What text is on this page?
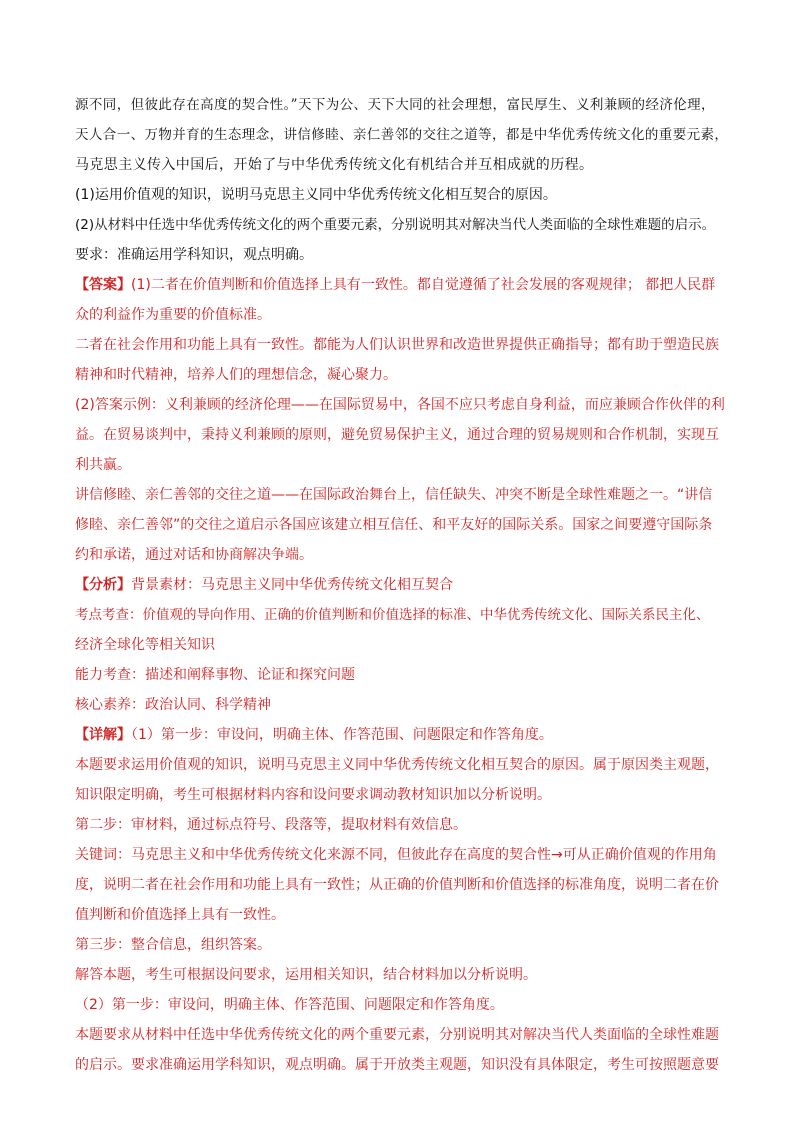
源不同，但彼此存在高度的契合性。”天下为公、天下大同的社会理想，富民厚生、义利兼顾的经济伦理，

天人合一、万物并育的生态理念，讲信修睦、亲仁善邻的交往之道等，都是中华优秀传统文化的重要元素，

马克思主义传入中国后，开始了与中华优秀传统文化有机结合并互相成就的历程。

(1)运用价值观的知识，说明马克思主义同中华优秀传统文化相互契合的原因。

(2)从材料中任选中华优秀传统文化的两个重要元素，分别说明其对解决当代人类面临的全球性难题的启示。

要求：准确运用学科知识，观点明确。

【答案】(1)二者在价值判断和价值选择上具有一致性。都自觉遵循了社会发展的客观规律； 都把人民群

众的利益作为重要的价值标准。

二者在社会作用和功能上具有一致性。都能为人们认识世界和改造世界提供正确指导；都有助于塑造民族

精神和时代精神，培养人们的理想信念，凝心聚力。

(2)答案示例：义利兼顾的经济伦理——在国际贸易中，各国不应只考虑自身利益，而应兼顾合作伙伴的利

益。在贸易谈判中，秉持义利兼顾的原则，避免贸易保护主义，通过合理的贸易规则和合作机制，实现互

利共赢。

讲信修睦、亲仁善邻的交往之道——在国际政治舞台上，信任缺失、冲突不断是全球性难题之一。“讲信

修睦、亲仁善邻”的交往之道启示各国应该建立相互信任、和平友好的国际关系。国家之间要遵守国际条

约和承诺，通过对话和协商解决争端。

【分析】背景素材：马克思主义同中华优秀传统文化相互契合

考点考查：价值观的导向作用、正确的价值判断和价值选择的标准、中华优秀传统文化、国际关系民主化、

经济全球化等相关知识

能力考查：描述和阐释事物、论证和探究问题

核心素养：政治认同、科学精神

【详解】（1）第一步：审设问，明确主体、作答范围、问题限定和作答角度。

本题要求运用价值观的知识，说明马克思主义同中华优秀传统文化相互契合的原因。属于原因类主观题，

知识限定明确，考生可根据材料内容和设问要求调动教材知识加以分析说明。

第二步：审材料，通过标点符号、段落等，提取材料有效信息。

关键词：马克思主义和中华优秀传统文化来源不同，但彼此存在高度的契合性→可从正确价值观的作用角

度，说明二者在社会作用和功能上具有一致性；从正确的价值判断和价值选择的标准角度，说明二者在价

值判断和价值选择上具有一致性。

第三步：整合信息，组织答案。

解答本题，考生可根据设问要求，运用相关知识，结合材料加以分析说明。

（2）第一步：审设问，明确主体、作答范围、问题限定和作答角度。

本题要求从材料中任选中华优秀传统文化的两个重要元素，分别说明其对解决当代人类面临的全球性难题

的启示。要求准确运用学科知识，观点明确。属于开放类主观题，知识没有具体限定，考生可按照题意要
